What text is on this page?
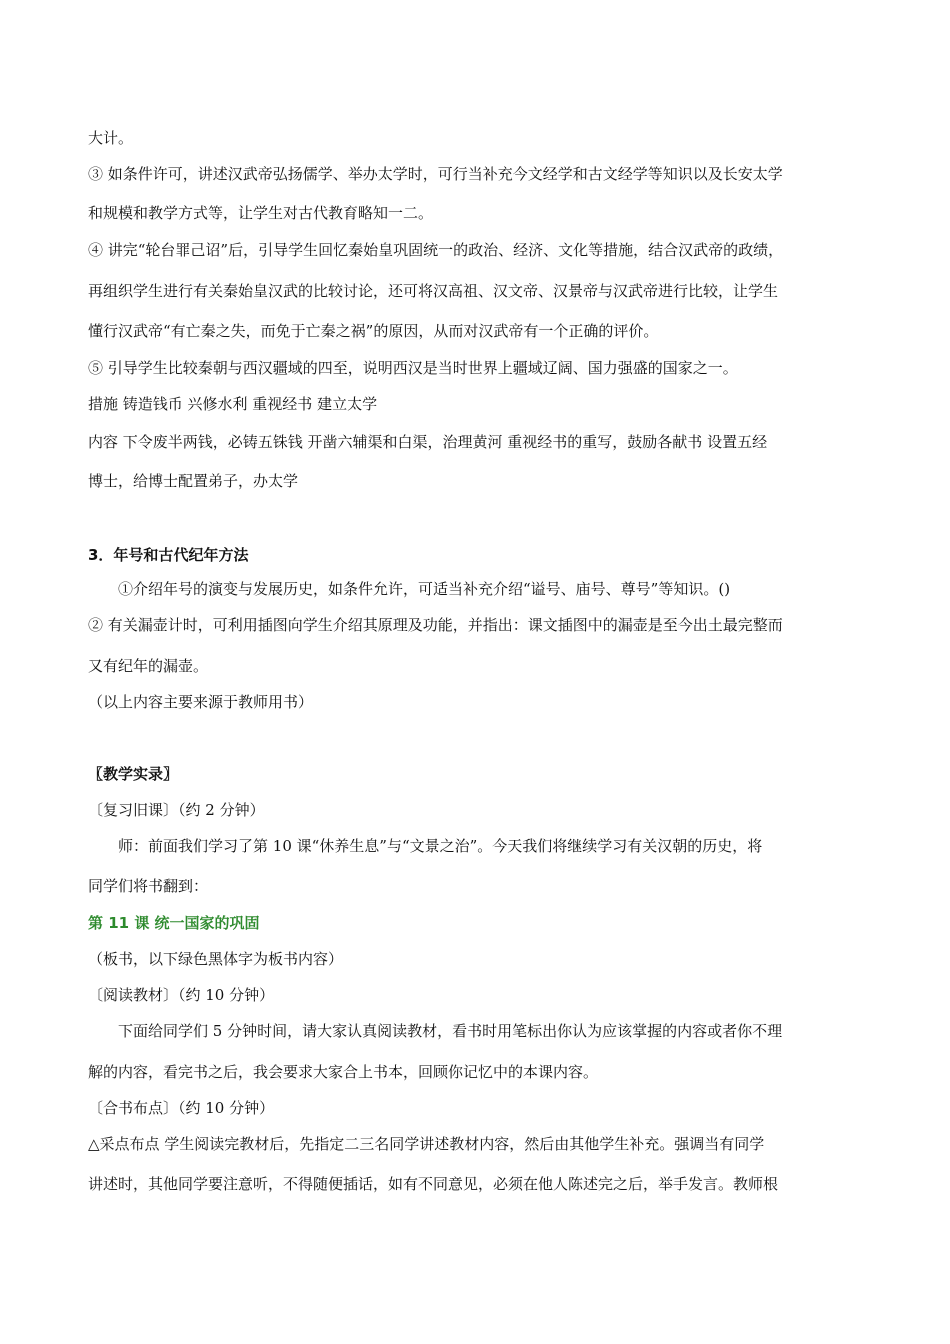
大计。
③ 如条件许可，讲述汉武帝弘扬儒学、举办太学时，可行当补充今文经学和古文经学等知识以及长安太学
和规模和教学方式等，让学生对古代教育略知一二。
④ 讲完“轮台罪己诏”后，引导学生回忆秦始皇巩固统一的政治、经济、文化等措施，结合汉武帝的政绩，
再组织学生进行有关秦始皇汉武的比较讨论，还可将汉高祖、汉文帝、汉景帝与汉武帝进行比较，让学生
懂行汉武帝“有亡秦之失，而免于亡秦之祸”的原因，从而对汉武帝有一个正确的评价。
⑤ 引导学生比较秦朝与西汉疆域的四至，说明西汉是当时世界上疆域辽阔、国力强盛的国家之一。
措施 铸造钱币 兴修水利 重视经书 建立太学
内容 下令废半两钱，必铸五铢钱 开凿六辅渠和白渠，治理黄河 重视经书的重写，鼓励各献书 设置五经
博士，给博士配置弟子，办太学
3．年号和古代纪年方法
①介绍年号的演变与发展历史，如条件允许，可适当补充介绍“谥号、庙号、尊号”等知识。()
② 有关漏壶计时，可利用插图向学生介绍其原理及功能，并指出：课文插图中的漏壶是至今出土最完整而
又有纪年的漏壶。
（以上内容主要来源于教师用书）
〖教学实录〗
〔复习旧课〕（约 2 分钟）
师：前面我们学习了第 10 课“休养生息”与“文景之治”。今天我们将继续学习有关汉朝的历史，将
同学们将书翻到：
第 11 课 统一国家的巩固
（板书，以下绿色黑体字为板书内容）
〔阅读教材〕（约 10 分钟）
下面给同学们 5 分钟时间，请大家认真阅读教材，看书时用笔标出你认为应该掌握的内容或者你不理
解的内容，看完书之后，我会要求大家合上书本，回顾你记忆中的本课内容。
〔合书布点〕（约 10 分钟）
△采点布点 学生阅读完教材后，先指定二三名同学讲述教材内容，然后由其他学生补充。强调当有同学
讲述时，其他同学要注意听，不得随便插话，如有不同意见，必须在他人陈述完之后，举手发言。教师根
